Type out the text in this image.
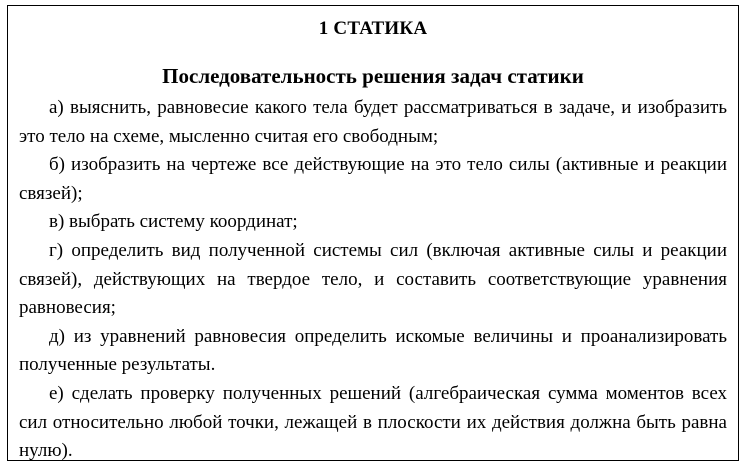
1 СТАТИКА
Последовательность решения задач статики

а) выяснить, равновесие какого тела будет рассматриваться в задаче, и изобразить это тело на схеме, мысленно считая его свободным;

б) изобразить на чертеже все действующие на это тело силы (активные и реакции связей);

в) выбрать систему координат;

г) определить вид полученной системы сил (включая активные силы и реакции связей), действующих на твердое тело, и составить соответствующие уравнения равновесия;

д) из уравнений равновесия определить искомые величины и проанализировать полученные результаты.

е) сделать проверку полученных решений (алгебраическая сумма моментов всех сил относительно любой точки, лежащей в плоскости их действия должна быть равна нулю).
